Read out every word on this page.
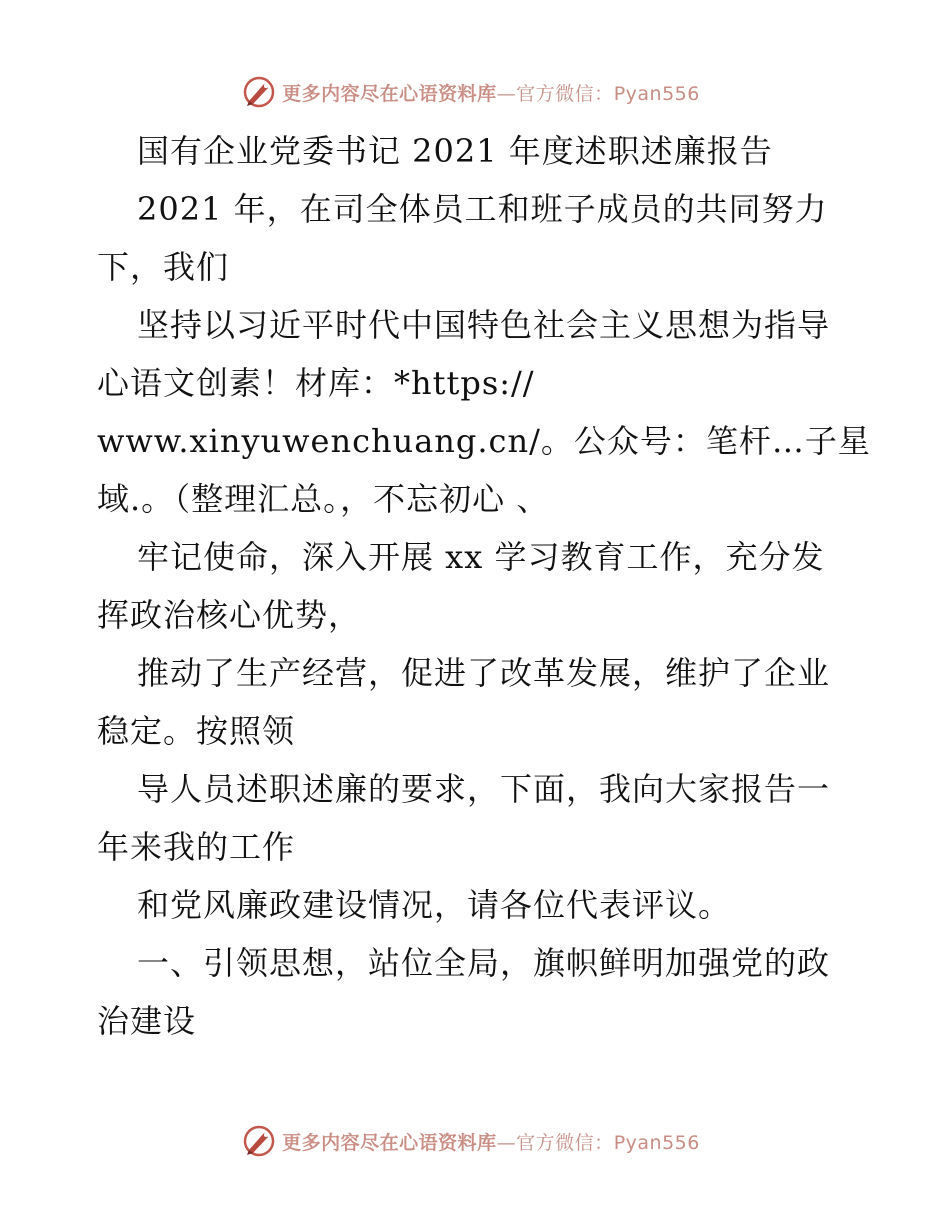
更多内容尽在心语资料库—官方微信：Pyan556
国有企业党委书记 2021 年度述职述廉报告
2021 年，在司全体员工和班子成员的共同努力
下，我们
坚持以习近平时代中国特色社会主义思想为指导
心语文创素！材库：*https://
www.xinyuwenchuang.cn/。公众号：笔杆…子星
域.。（整理汇总。，不忘初心 、
牢记使命，深入开展 xx 学习教育工作，充分发
挥政治核心优势，
推动了生产经营，促进了改革发展，维护了企业
稳定。按照领
导人员述职述廉的要求，下面，我向大家报告一
年来我的工作
和党风廉政建设情况，请各位代表评议。
一、引领思想，站位全局，旗帜鲜明加强党的政
治建设
更多内容尽在心语资料库—官方微信：Pyan556
